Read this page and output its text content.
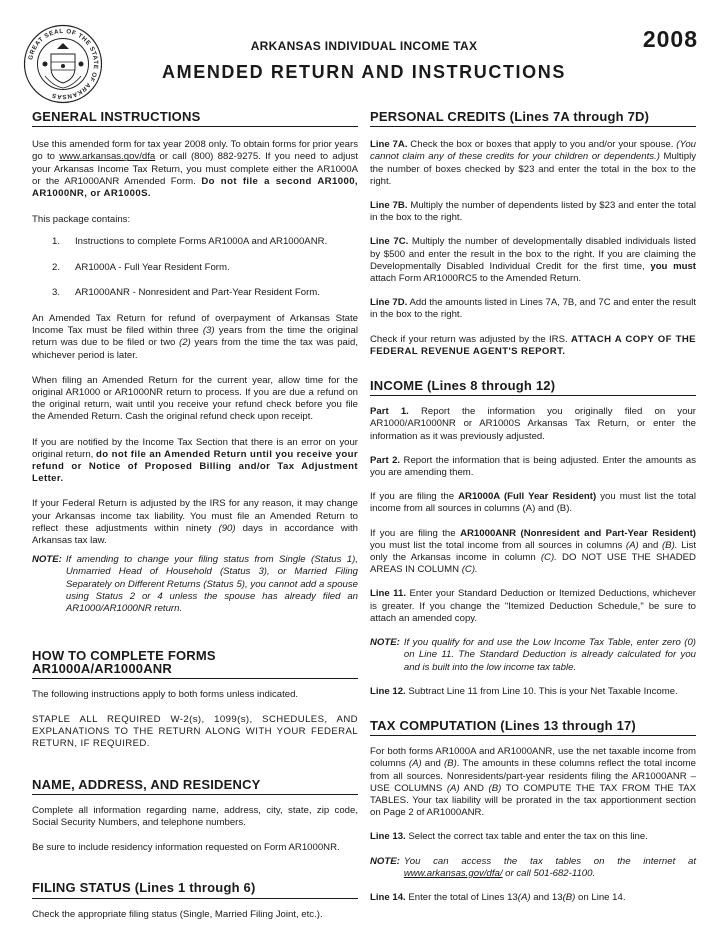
GREAT SEAL OF THE STATE OF ARKANSAS
2008
ARKANSAS INDIVIDUAL INCOME TAX
AMENDED RETURN AND INSTRUCTIONS
GENERAL INSTRUCTIONS

Use this amended form for tax year 2008 only. To obtain forms for prior years go to www.arkansas.gov/dfa or call (800) 882-9275. If you need to adjust your Arkansas Income Tax Return, you must complete either the AR1000A or the AR1000ANR Amended Form. Do not file a second AR1000, AR1000NR, or AR1000S.

This package contains:

1.	Instructions to complete Forms AR1000A and AR1000ANR.
2.	AR1000A - Full Year Resident Form.
3.	AR1000ANR - Nonresident and Part-Year Resident Form.

An Amended Tax Return for refund of overpayment of Arkansas State Income Tax must be filed within three (3) years from the time the original return was due to be filed or two (2) years from the time the tax was paid, whichever period is later.

When filing an Amended Return for the current year, allow time for the original AR1000 or AR1000NR return to process. If you are due a refund on the original return, wait until you receive your refund check before you file the Amended Return. Cash the original refund check upon receipt.

If you are notified by the Income Tax Section that there is an error on your original return, do not file an Amended Return until you receive your refund or Notice of Proposed Billing and/or Tax Adjustment Letter.

If your Federal Return is adjusted by the IRS for any reason, it may change your Arkansas income tax liability. You must file an Amended Return to reflect these adjustments within ninety (90) days in accordance with Arkansas tax law.

NOTE: If amending to change your filing status from Single (Status 1), Unmarried Head of Household (Status 3), or Married Filing Separately on Different Returns (Status 5), you cannot add a spouse using Status 2 or 4 unless the spouse has already filed an AR1000/AR1000NR return.
HOW TO COMPLETE FORMS AR1000A/AR1000ANR

The following instructions apply to both forms unless indicated.

STAPLE ALL REQUIRED W-2(s), 1099(s), SCHEDULES, AND EXPLANATIONS TO THE RETURN ALONG WITH YOUR FEDERAL RETURN, IF REQUIRED.

NAME, ADDRESS, AND RESIDENCY

Complete all information regarding name, address, city, state, zip code, Social Security Numbers, and telephone numbers.

Be sure to include residency information requested on Form AR1000NR.

FILING STATUS (Lines 1 through 6)

Check the appropriate filing status (Single, Married Filing Joint, etc.).

PERSONAL CREDITS (Lines 7A through 7D)

Line 7A. Check the box or boxes that apply to you and/or your spouse. (You cannot claim any of these credits for your children or dependents.) Multiply the number of boxes checked by $23 and enter the total in the box to the right.

Line 7B. Multiply the number of dependents listed by $23 and enter the total in the box to the right.

Line 7C. Multiply the number of developmentally disabled individuals listed by $500 and enter the result in the box to the right. If you are claiming the Developmentally Disabled Individual Credit for the first time, you must attach Form AR1000RC5 to the Amended Return.

Line 7D. Add the amounts listed in Lines 7A, 7B, and 7C and enter the result in the box to the right.

Check if your return was adjusted by the IRS. ATTACH A COPY OF THE FEDERAL REVENUE AGENT'S REPORT.

INCOME (Lines 8 through 12)

Part 1. Report the information you originally filed on your AR1000/AR1000NR or AR1000S Arkansas Tax Return, or enter the information as it was previously adjusted.

Part 2. Report the information that is being adjusted. Enter the amounts as you are amending them.

If you are filing the AR1000A (Full Year Resident) you must list the total income from all sources in columns (A) and (B).

If you are filing the AR1000ANR (Nonresident and Part-Year Resident) you must list the total income from all sources in columns (A) and (B). List only the Arkansas income in column (C). DO NOT USE THE SHADED AREAS IN COLUMN (C).

Line 11. Enter your Standard Deduction or Itemized Deductions, whichever is greater. If you change the "Itemized Deduction Schedule," be sure to attach an amended copy.

NOTE: If you qualify for and use the Low Income Tax Table, enter zero (0) on Line 11. The Standard Deduction is already calculated for you and is built into the low income tax table.

Line 12. Subtract Line 11 from Line 10. This is your Net Taxable Income.

TAX COMPUTATION (Lines 13 through 17)

For both forms AR1000A and AR1000ANR, use the net taxable income from columns (A) and (B). The amounts in these columns reflect the total income from all sources. Nonresidents/part-year residents filing the AR1000ANR – USE COLUMNS (A) AND (B) TO COMPUTE THE TAX FROM THE TAX TABLES. Your tax liability will be prorated in the tax apportionment section on Page 2 of AR1000ANR.

Line 13. Select the correct tax table and enter the tax on this line.

NOTE: You can access the tax tables on the internet at www.arkansas.gov/dfa/ or call 501-682-1100.

Line 14. Enter the total of Lines 13(A) and 13(B) on Line 14.
